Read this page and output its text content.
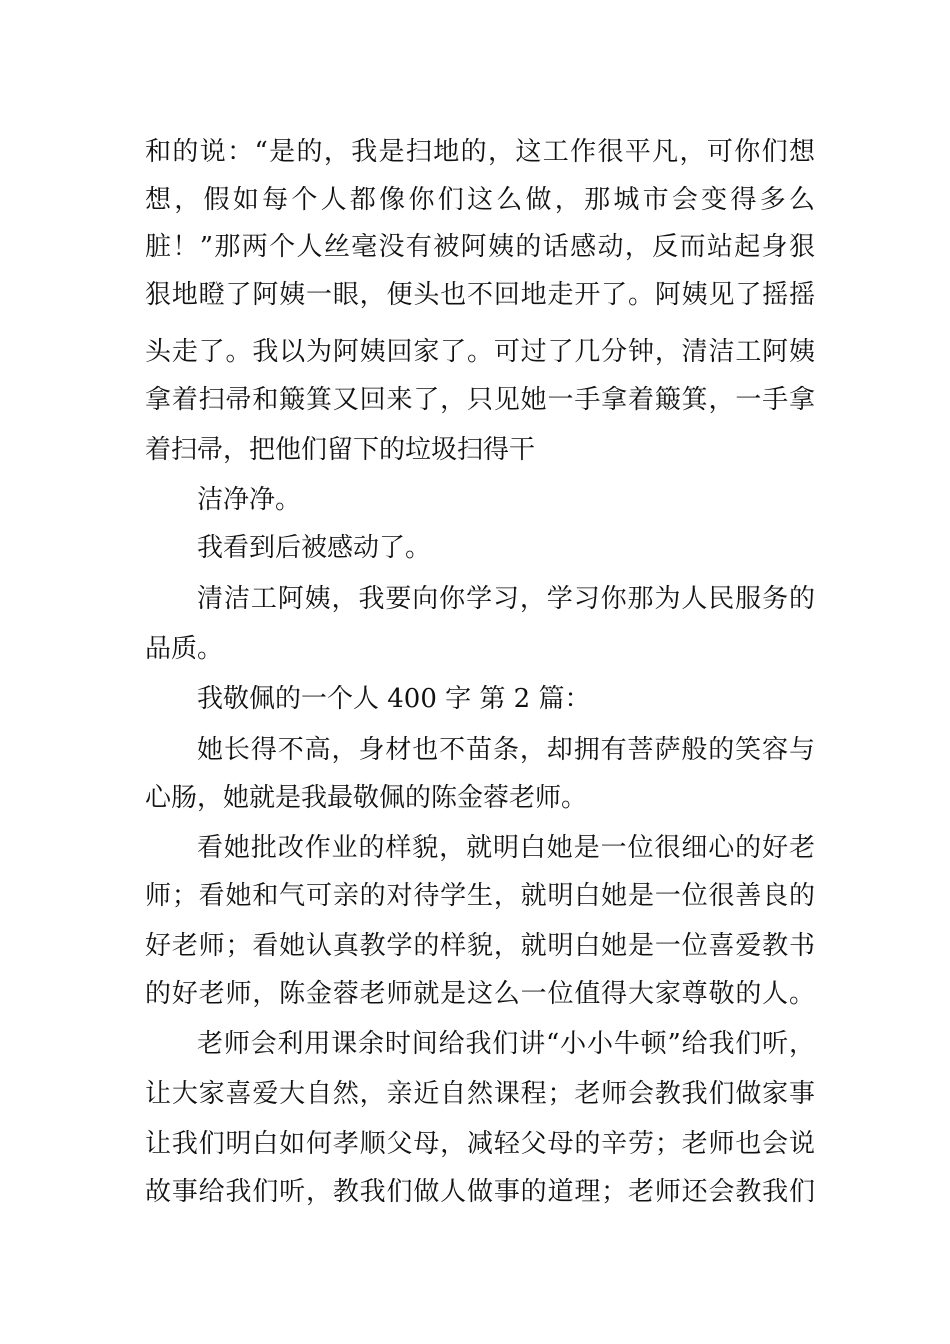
和的说：“是的，我是扫地的，这工作很平凡，可你们想
想，假如每个人都像你们这么做，那城市会变得多么
脏！”那两个人丝毫没有被阿姨的话感动，反而站起身狠
狠地瞪了阿姨一眼，便头也不回地走开了。阿姨见了摇摇
头走了。我以为阿姨回家了。可过了几分钟，清洁工阿姨
拿着扫帚和簸箕又回来了，只见她一手拿着簸箕，一手拿
着扫帚，把他们留下的垃圾扫得干
洁净净。
我看到后被感动了。
清洁工阿姨，我要向你学习，学习你那为人民服务的
品质。
我敬佩的一个人 400 字 第 2 篇：
她长得不高，身材也不苗条，却拥有菩萨般的笑容与
心肠，她就是我最敬佩的陈金蓉老师。
看她批改作业的样貌，就明白她是一位很细心的好老
师；看她和气可亲的对待学生，就明白她是一位很善良的
好老师；看她认真教学的样貌，就明白她是一位喜爱教书
的好老师，陈金蓉老师就是这么一位值得大家尊敬的人。
老师会利用课余时间给我们讲“小小牛顿”给我们听，
让大家喜爱大自然，亲近自然课程；老师会教我们做家事
让我们明白如何孝顺父母，减轻父母的辛劳；老师也会说
故事给我们听，教我们做人做事的道理；老师还会教我们
